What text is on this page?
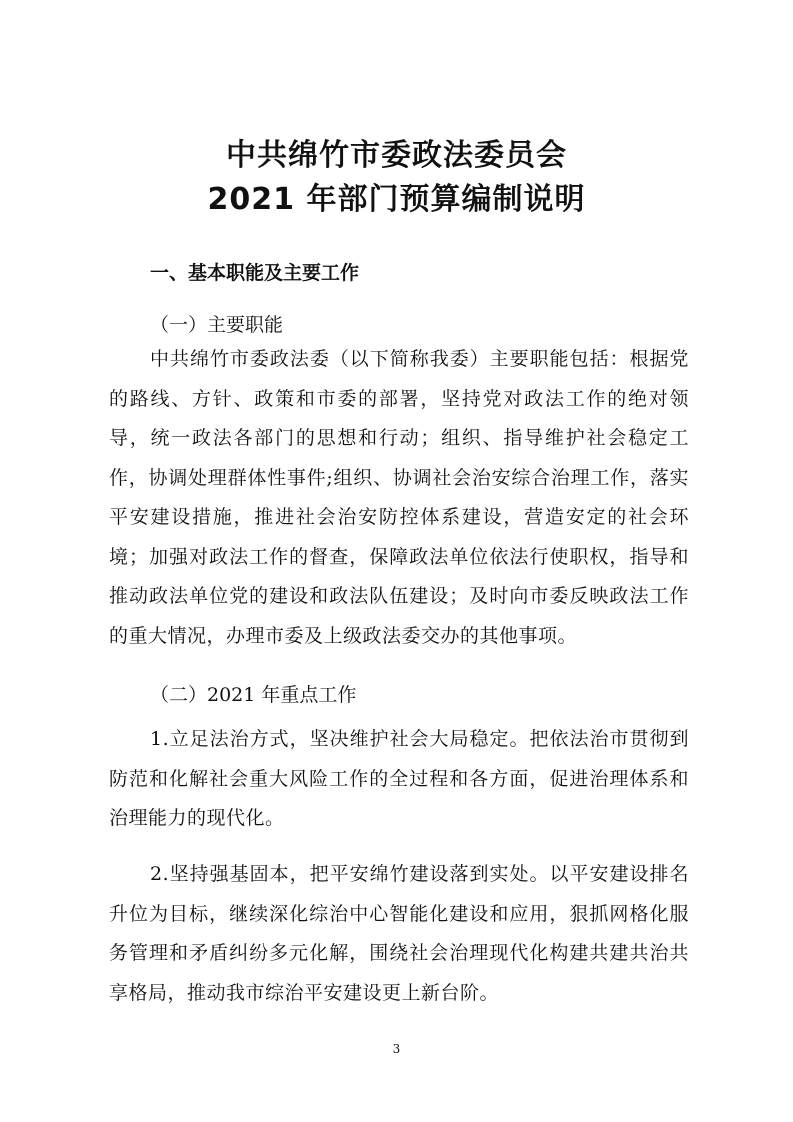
中共绵竹市委政法委员会
2021 年部门预算编制说明
一、基本职能及主要工作
（一）主要职能
中共绵竹市委政法委（以下简称我委）主要职能包括：根据党的路线、方针、政策和市委的部署，坚持党对政法工作的绝对领导，统一政法各部门的思想和行动；组织、指导维护社会稳定工作，协调处理群体性事件;组织、协调社会治安综合治理工作，落实平安建设措施，推进社会治安防控体系建设，营造安定的社会环境；加强对政法工作的督查，保障政法单位依法行使职权，指导和推动政法单位党的建设和政法队伍建设；及时向市委反映政法工作的重大情况，办理市委及上级政法委交办的其他事项。
（二）2021 年重点工作
1.立足法治方式，坚决维护社会大局稳定。把依法治市贯彻到防范和化解社会重大风险工作的全过程和各方面，促进治理体系和治理能力的现代化。
2.坚持强基固本，把平安绵竹建设落到实处。以平安建设排名升位为目标，继续深化综治中心智能化建设和应用，狠抓网格化服务管理和矛盾纠纷多元化解，围绕社会治理现代化构建共建共治共享格局，推动我市综治平安建设更上新台阶。
3
